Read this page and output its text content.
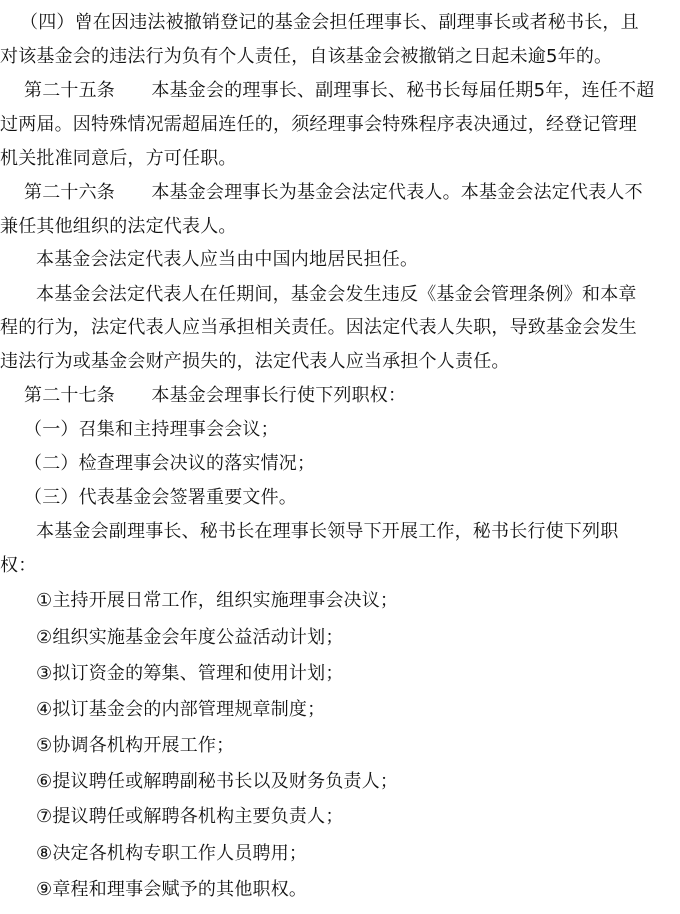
（四）曾在因违法被撤销登记的基金会担任理事长、副理事长或者秘书长，且
对该基金会的违法行为负有个人责任，自该基金会被撤销之日起未逾5年的。
第二十五条　　本基金会的理事长、副理事长、秘书长每届任期5年，连任不超
过两届。因特殊情况需超届连任的，须经理事会特殊程序表决通过，经登记管理
机关批准同意后，方可任职。
第二十六条　　本基金会理事长为基金会法定代表人。本基金会法定代表人不
兼任其他组织的法定代表人。
本基金会法定代表人应当由中国内地居民担任。
本基金会法定代表人在任期间，基金会发生违反《基金会管理条例》和本章
程的行为，法定代表人应当承担相关责任。因法定代表人失职，导致基金会发生
违法行为或基金会财产损失的，法定代表人应当承担个人责任。
第二十七条　　本基金会理事长行使下列职权：
（一）召集和主持理事会会议；
（二）检查理事会决议的落实情况；
（三）代表基金会签署重要文件。
本基金会副理事长、秘书长在理事长领导下开展工作，秘书长行使下列职
权：
①主持开展日常工作，组织实施理事会决议；
②组织实施基金会年度公益活动计划；
③拟订资金的筹集、管理和使用计划；
④拟订基金会的内部管理规章制度；
⑤协调各机构开展工作；
⑥提议聘任或解聘副秘书长以及财务负责人；
⑦提议聘任或解聘各机构主要负责人；
⑧决定各机构专职工作人员聘用；
⑨章程和理事会赋予的其他职权。
